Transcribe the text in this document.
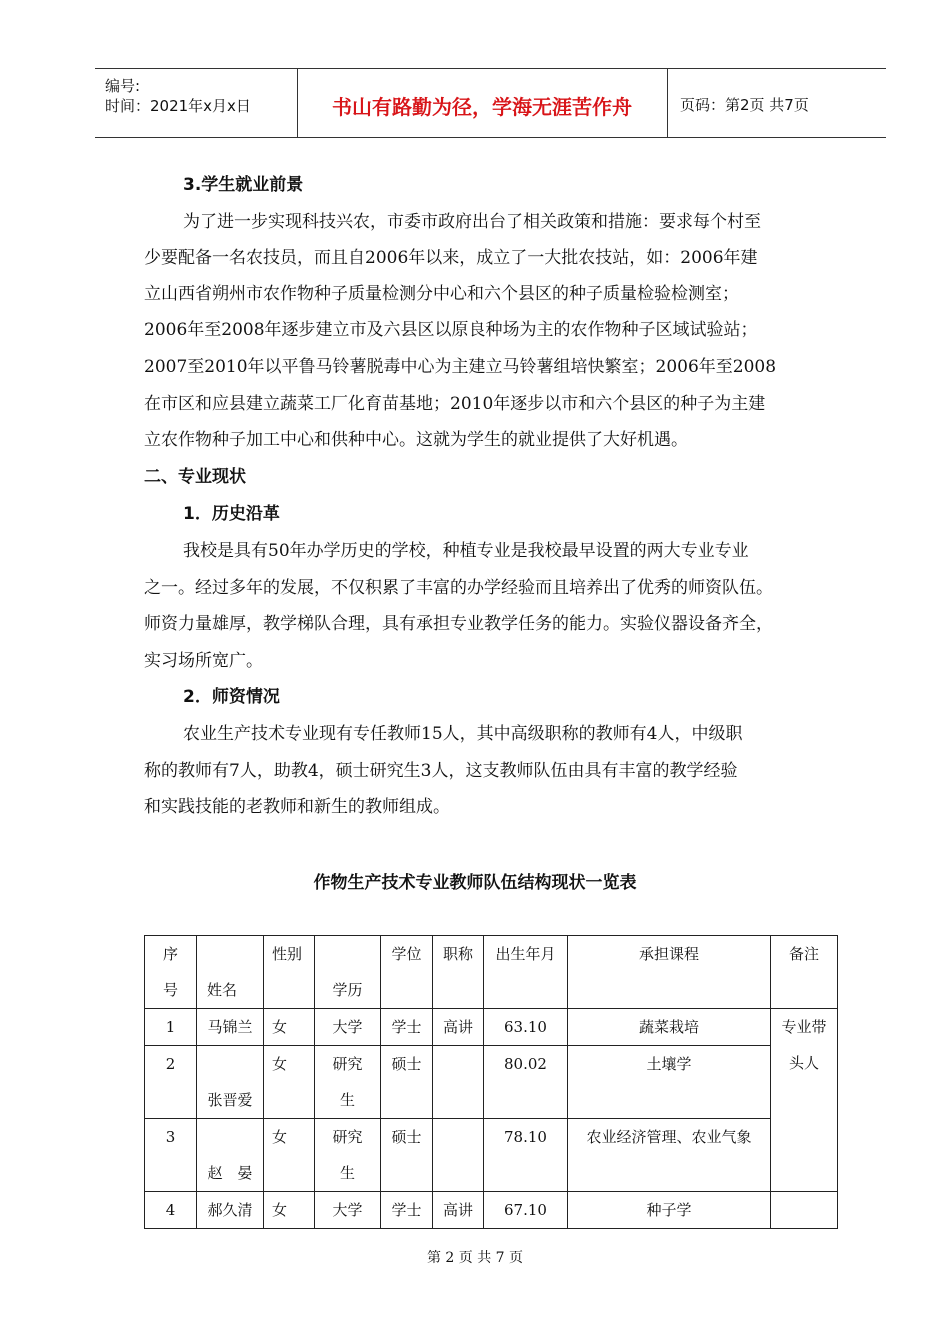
编号:
时间：2021年x月x日	书山有路勤为径，学海无涯苦作舟	页码：第2页 共7页
3.学生就业前景
为了进一步实现科技兴农，市委市政府出台了相关政策和措施：要求每个村至
少要配备一名农技员，而且自2006年以来，成立了一大批农技站，如：2006年建
立山西省朔州市农作物种子质量检测分中心和六个县区的种子质量检验检测室；
2006年至2008年逐步建立市及六县区以原良种场为主的农作物种子区域试验站；
2007至2010年以平鲁马铃薯脱毒中心为主建立马铃薯组培快繁室；2006年至2008
在市区和应县建立蔬菜工厂化育苗基地；2010年逐步以市和六个县区的种子为主建
立农作物种子加工中心和供种中心。这就为学生的就业提供了大好机遇。
二、专业现状
1．历史沿革
我校是具有50年办学历史的学校，种植专业是我校最早设置的两大专业专业
之一。经过多年的发展，不仅积累了丰富的办学经验而且培养出了优秀的师资队伍。
师资力量雄厚，教学梯队合理，具有承担专业教学任务的能力。实验仪器设备齐全，
实习场所宽广。
2．师资情况
农业生产技术专业现有专任教师15人，其中高级职称的教师有4人，中级职
称的教师有7人，助教4，硕士研究生3人，这支教师队伍由具有丰富的教学经验
和实践技能的老教师和新生的教师组成。
作物生产技术专业教师队伍结构现状一览表
序
号	姓名	性别	学历	学位	职称	出生年月	承担课程	备注
1	马锦兰	女	大学	学士	高讲	63.10	蔬菜栽培	专业带
头人

2	张晋爱	女	研究
生	硕士		80.02	土壤学	
3	赵　晏	女	研究
生	硕士		78.10	农业经济管理、农业气象	
4	郝久清	女	大学	学士	高讲	67.10	种子学	
第 2 页 共 7 页
